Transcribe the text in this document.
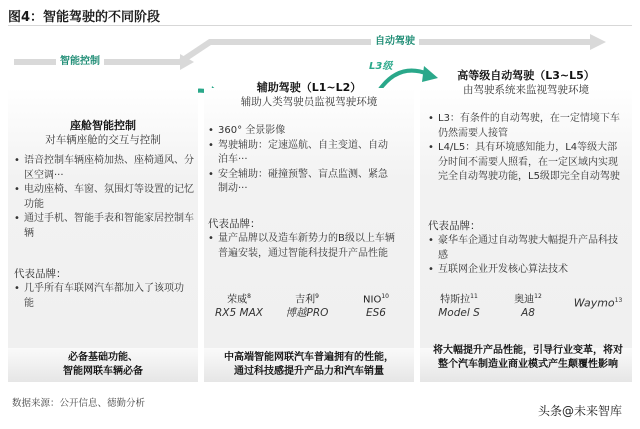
图4：智能驾驶的不同阶段
智能控制
自动驾驶
L3级
座舱智能控制
对车辆座舱的交互与控制
• 语音控制车辆座椅加热、座椅通风、分区空调···
• 电动座椅、车窗、氛围灯等设置的记忆功能
• 通过手机、智能手表和智能家居控制车辆
代表品牌：
• 几乎所有车联网汽车都加入了该项功能
辅助驾驶（L1~L2）
辅助人类驾驶员监视驾驶环境
• 360° 全景影像
• 驾驶辅助：定速巡航、自主变道、自动泊车···
• 安全辅助：碰撞预警、盲点监测、紧急制动···
代表品牌：
• 量产品牌以及造车新势力的B级以上车辆普遍安装，通过智能科技提升产品性能
荣威$^8$
RX5 MAX
吉利$^9$
博越PRO
NIO$^{10}$
ES6
高等级自动驾驶（L3~L5）
由驾驶系统来监视驾驶环境
• L3：有条件的自动驾驶，在一定情境下车仍然需要人接管
• L4/L5：具有环境感知能力，L4等级大部分时间不需要人照看，在一定区域内实现完全自动驾驶功能，L5级即完全自动驾驶
代表品牌：
• 豪华车企通过自动驾驶大幅提升产品科技感
• 互联网企业开发核心算法技术
特斯拉$^{11}$
Model S
奥迪$^{12}$
A8
Waymo$^{13}$
必备基础功能、
智能网联车辆必备
中高端智能网联汽车普遍拥有的性能，
通过科技感提升产品力和汽车销量
将大幅提升产品性能，引导行业变革，将对整个汽车制造业商业模式产生颠覆性影响
数据来源：公开信息、德勤分析
头条@未来智库
